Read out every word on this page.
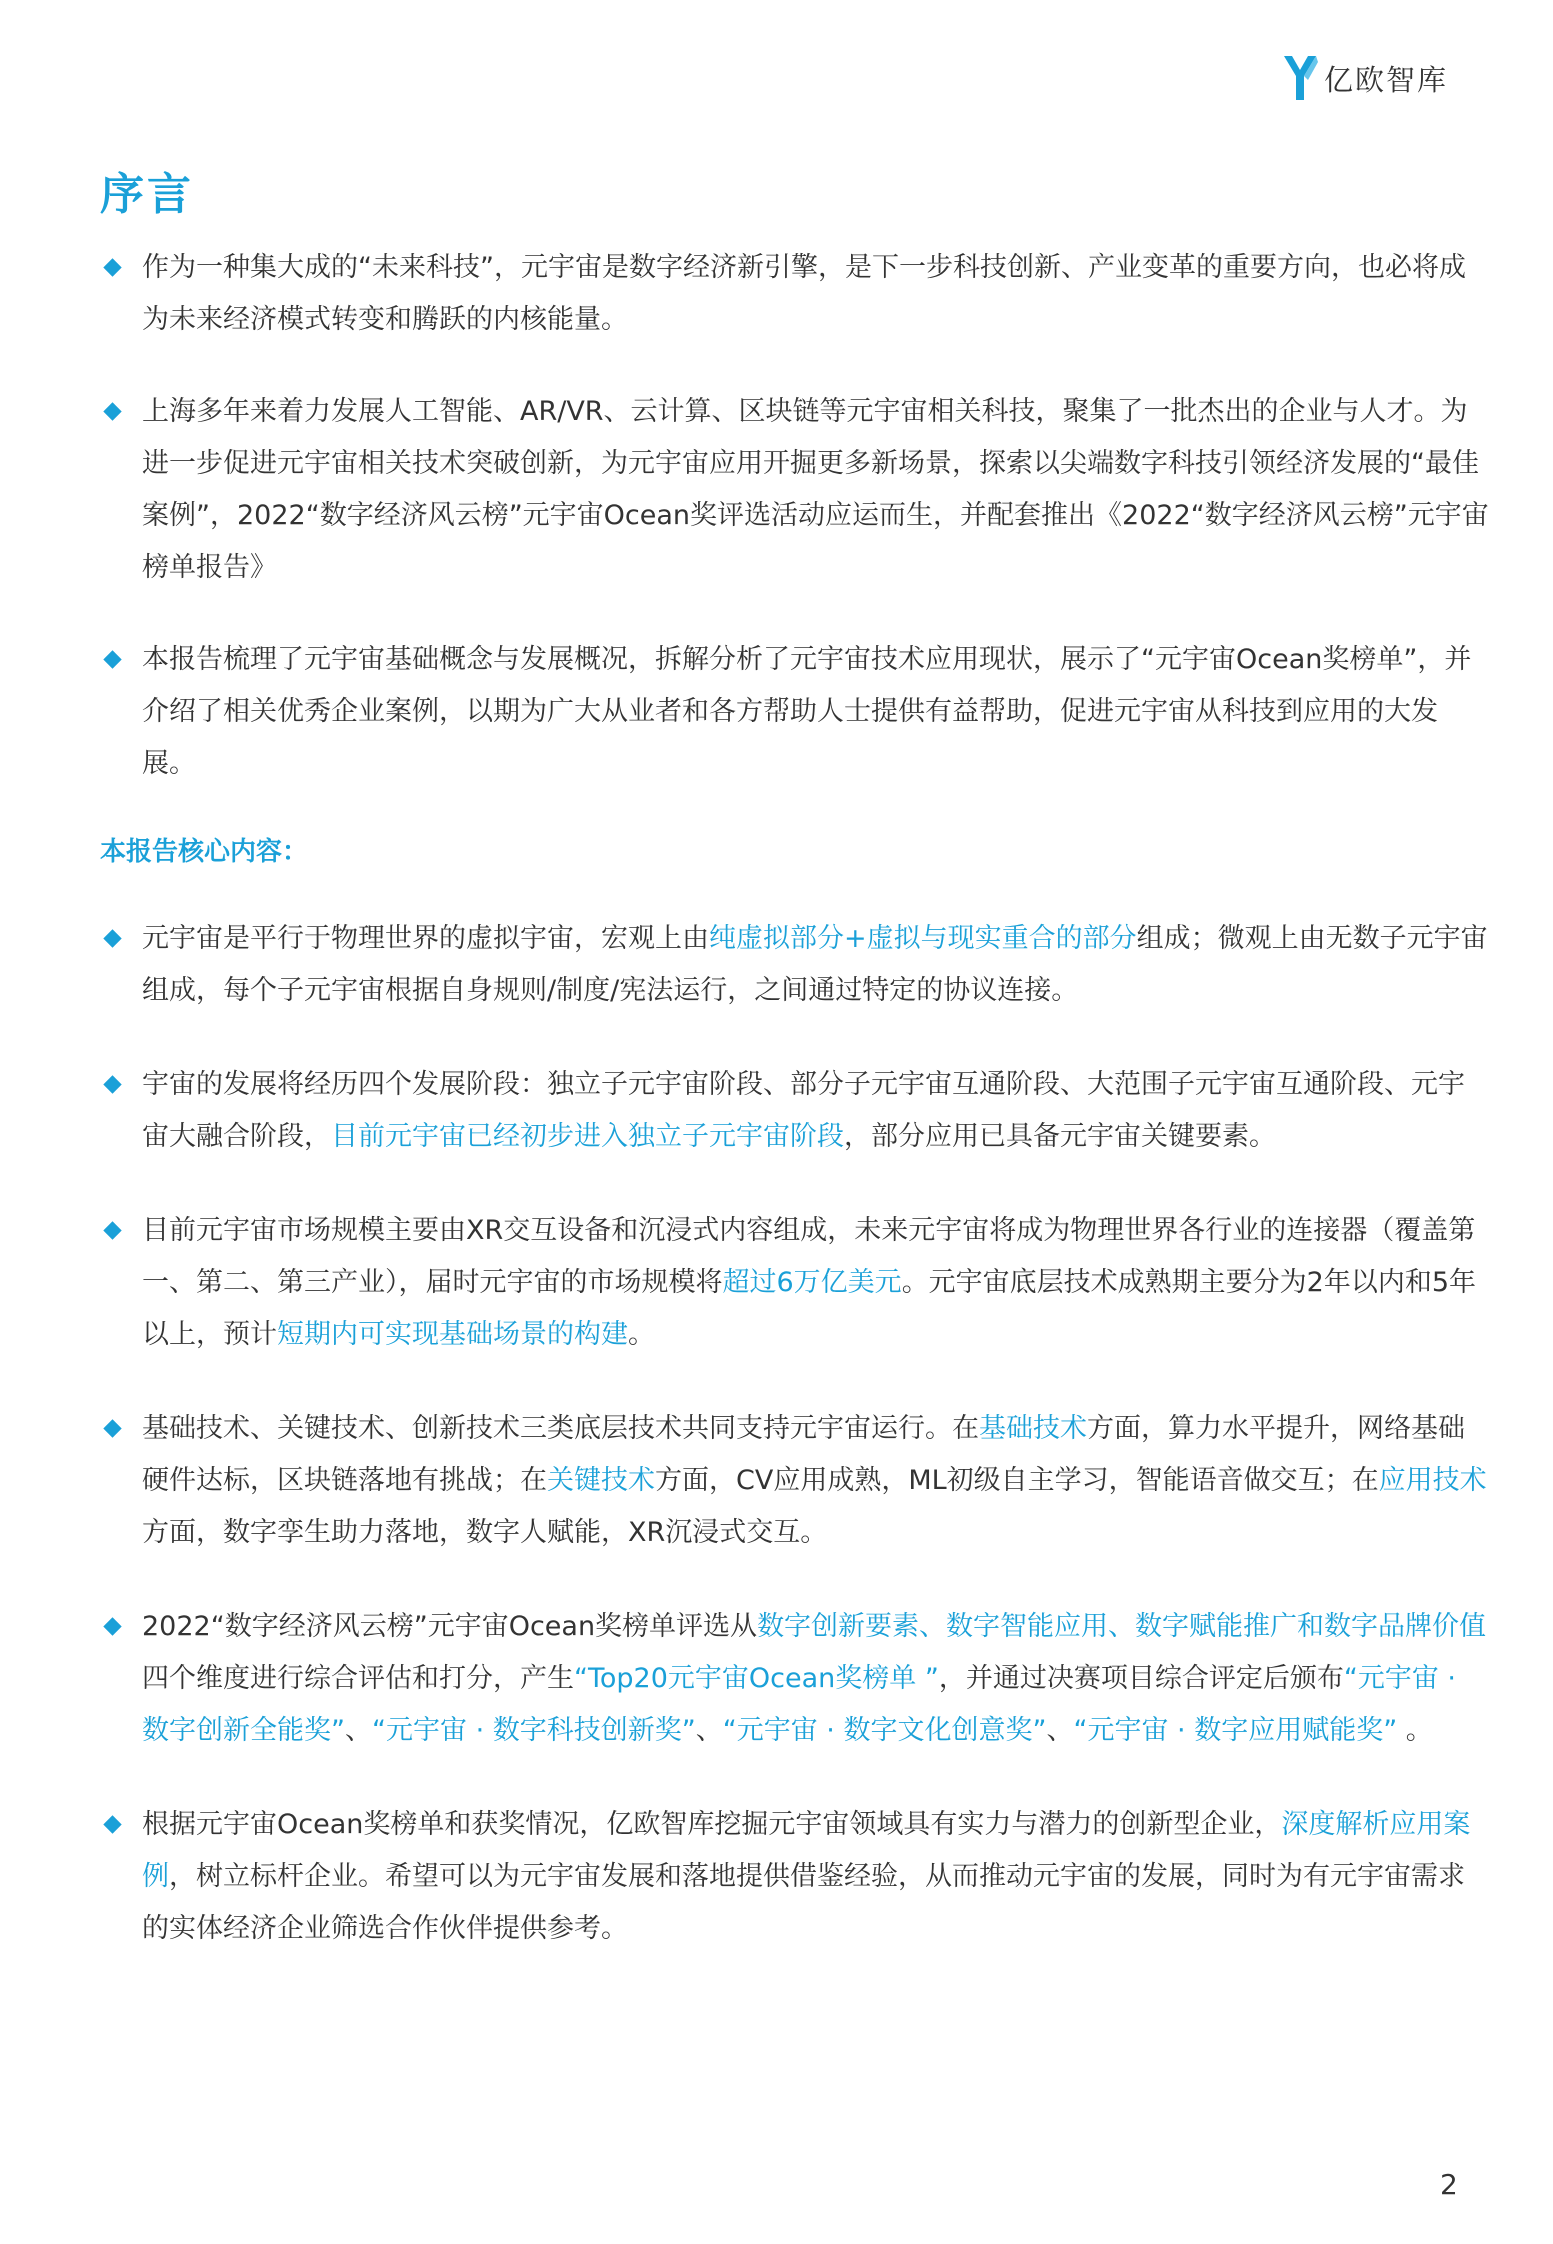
亿欧智库
序言
作为一种集大成的“未来科技”，元宇宙是数字经济新引擎，是下一步科技创新、产业变革的重要方向，也必将成为未来经济模式转变和腾跃的内核能量。
上海多年来着力发展人工智能、AR/VR、云计算、区块链等元宇宙相关科技，聚集了一批杰出的企业与人才。为进一步促进元宇宙相关技术突破创新，为元宇宙应用开掘更多新场景，探索以尖端数字科技引领经济发展的“最佳案例”，2022“数字经济风云榜”元宇宙Ocean奖评选活动应运而生，并配套推出《2022“数字经济风云榜”元宇宙榜单报告》
本报告梳理了元宇宙基础概念与发展概况，拆解分析了元宇宙技术应用现状，展示了“元宇宙Ocean奖榜单”，并介绍了相关优秀企业案例，以期为广大从业者和各方帮助人士提供有益帮助，促进元宇宙从科技到应用的大发展。
本报告核心内容：
元宇宙是平行于物理世界的虚拟宇宙，宏观上由纯虚拟部分+虚拟与现实重合的部分组成；微观上由无数子元宇宙组成，每个子元宇宙根据自身规则/制度/宪法运行，之间通过特定的协议连接。
宇宙的发展将经历四个发展阶段：独立子元宇宙阶段、部分子元宇宙互通阶段、大范围子元宇宙互通阶段、元宇宙大融合阶段，目前元宇宙已经初步进入独立子元宇宙阶段，部分应用已具备元宇宙关键要素。
目前元宇宙市场规模主要由XR交互设备和沉浸式内容组成，未来元宇宙将成为物理世界各行业的连接器（覆盖第一、第二、第三产业），届时元宇宙的市场规模将超过6万亿美元。元宇宙底层技术成熟期主要分为2年以内和5年以上，预计短期内可实现基础场景的构建。
基础技术、关键技术、创新技术三类底层技术共同支持元宇宙运行。在基础技术方面，算力水平提升，网络基础硬件达标，区块链落地有挑战；在关键技术方面，CV应用成熟，ML初级自主学习，智能语音做交互；在应用技术方面，数字孪生助力落地，数字人赋能，XR沉浸式交互。
2022“数字经济风云榜”元宇宙Ocean奖榜单评选从数字创新要素、数字智能应用、数字赋能推广和数字品牌价值四个维度进行综合评估和打分，产生“Top20元宇宙Ocean奖榜单 ”，并通过决赛项目综合评定后颁布“元宇宙 · 数字创新全能奖”、“元宇宙 · 数字科技创新奖”、“元宇宙 · 数字文化创意奖”、“元宇宙 · 数字应用赋能奖” 。
根据元宇宙Ocean奖榜单和获奖情况，亿欧智库挖掘元宇宙领域具有实力与潜力的创新型企业，深度解析应用案例，树立标杆企业。希望可以为元宇宙发展和落地提供借鉴经验，从而推动元宇宙的发展，同时为有元宇宙需求的实体经济企业筛选合作伙伴提供参考。
2
